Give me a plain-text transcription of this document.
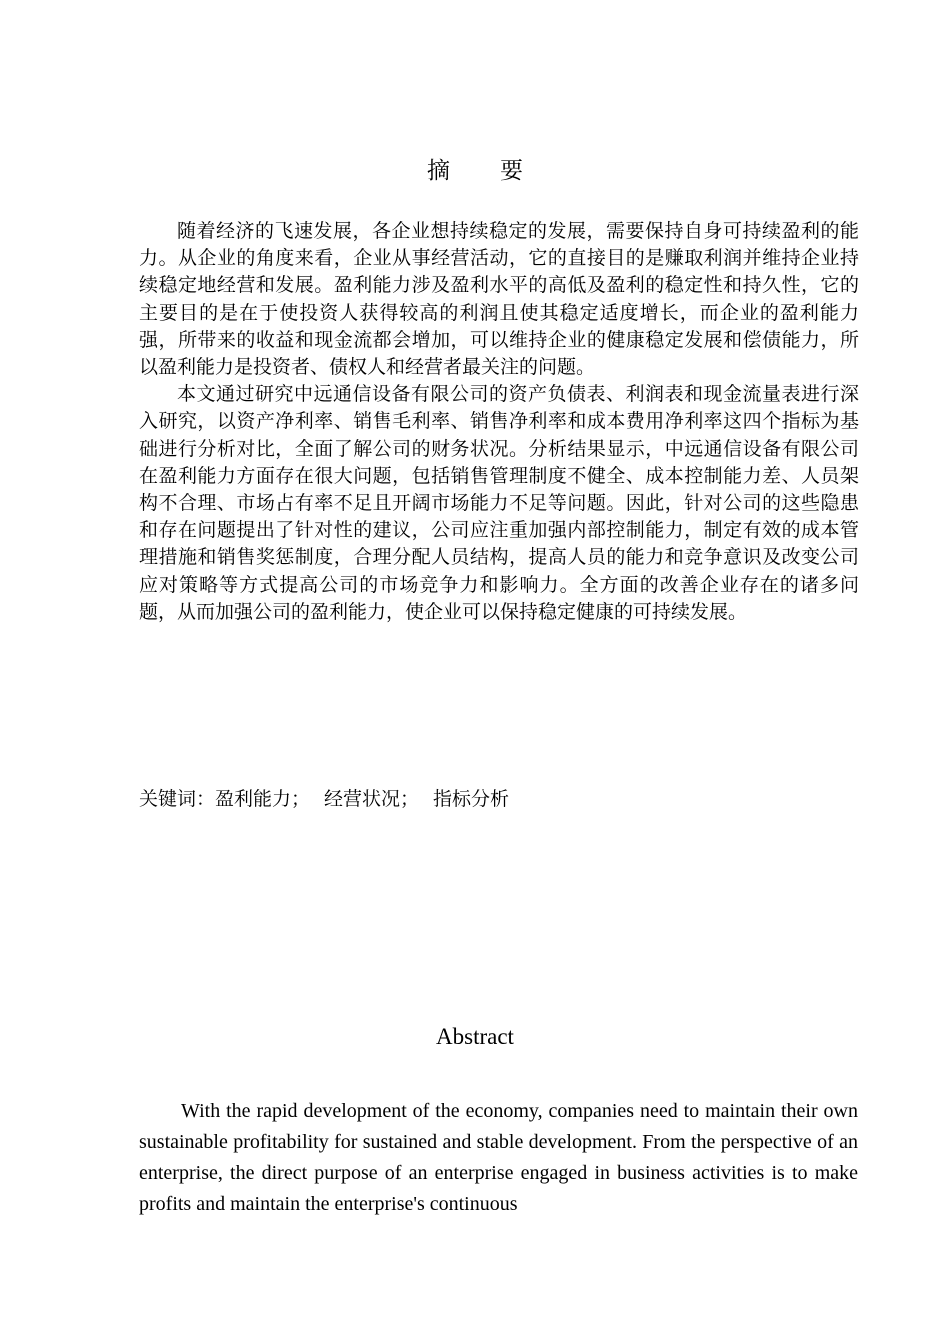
摘 要

随着经济的飞速发展，各企业想持续稳定的发展，需要保持自身可持续盈利的能力。从企业的角度来看，企业从事经营活动，它的直接目的是赚取利润并维持企业持续稳定地经营和发展。盈利能力涉及盈利水平的高低及盈利的稳定性和持久性，它的主要目的是在于使投资人获得较高的利润且使其稳定适度增长，而企业的盈利能力强，所带来的收益和现金流都会增加，可以维持企业的健康稳定发展和偿债能力，所以盈利能力是投资者、债权人和经营者最关注的问题。

本文通过研究中远通信设备有限公司的资产负债表、利润表和现金流量表进行深入研究，以资产净利率、销售毛利率、销售净利率和成本费用净利率这四个指标为基础进行分析对比，全面了解公司的财务状况。分析结果显示，中远通信设备有限公司在盈利能力方面存在很大问题，包括销售管理制度不健全、成本控制能力差、人员架构不合理、市场占有率不足且开阔市场能力不足等问题。因此，针对公司的这些隐患和存在问题提出了针对性的建议，公司应注重加强内部控制能力，制定有效的成本管理措施和销售奖惩制度，合理分配人员结构，提高人员的能力和竞争意识及改变公司应对策略等方式提高公司的市场竞争力和影响力。全方面的改善企业存在的诸多问题，从而加强公司的盈利能力，使企业可以保持稳定健康的可持续发展。

关键词：盈利能力； 经营状况； 指标分析
Abstract

With the rapid development of the economy, companies need to maintain their own sustainable profitability for sustained and stable development. From the perspective of an enterprise, the direct purpose of an enterprise engaged in business activities is to make profits and maintain the enterprise's continuous
